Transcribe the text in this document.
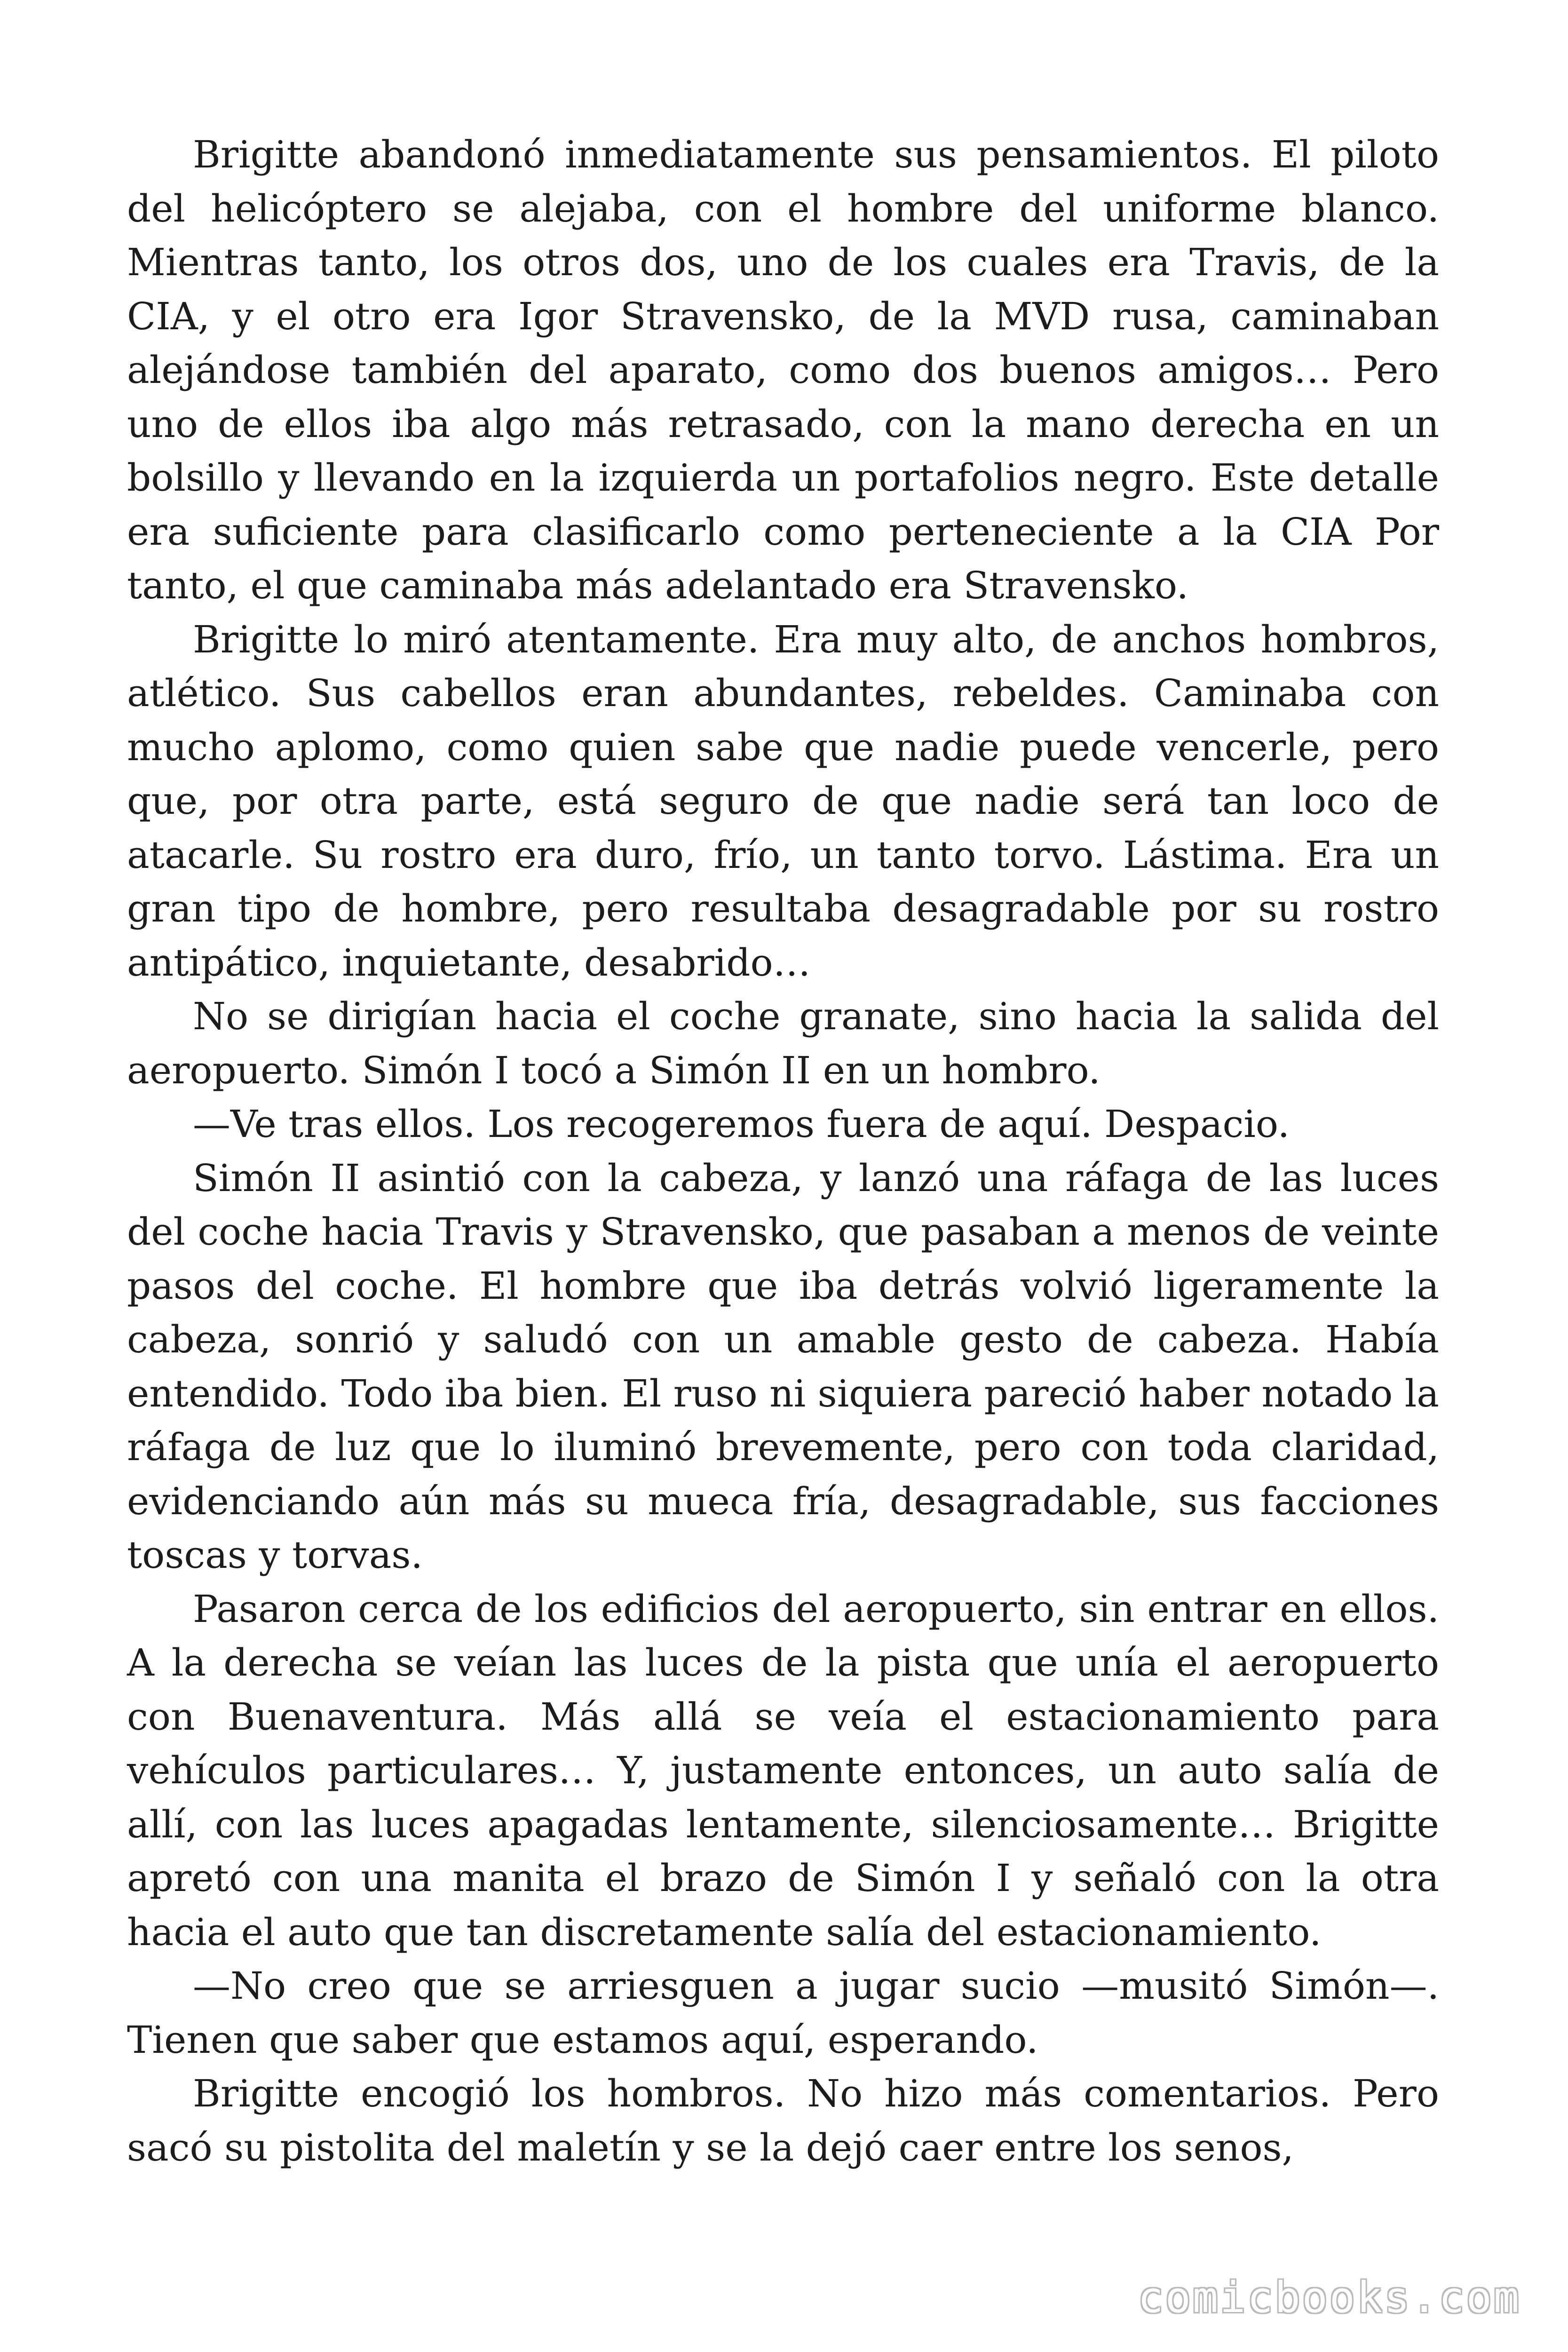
Brigitte abandonó inmediatamente sus pensamientos. El piloto del helicóptero se alejaba, con el hombre del uniforme blanco. Mientras tanto, los otros dos, uno de los cuales era Travis, de la CIA, y el otro era Igor Stravensko, de la MVD rusa, caminaban alejándose también del aparato, como dos buenos amigos… Pero uno de ellos iba algo más retrasado, con la mano derecha en un bolsillo y llevando en la izquierda un portafolios negro. Este detalle era suficiente para clasificarlo como perteneciente a la CIA Por tanto, el que caminaba más adelantado era Stravensko.

Brigitte lo miró atentamente. Era muy alto, de anchos hombros, atlético. Sus cabellos eran abundantes, rebeldes. Caminaba con mucho aplomo, como quien sabe que nadie puede vencerle, pero que, por otra parte, está seguro de que nadie será tan loco de atacarle. Su rostro era duro, frío, un tanto torvo. Lástima. Era un gran tipo de hombre, pero resultaba desagradable por su rostro antipático, inquietante, desabrido…

No se dirigían hacia el coche granate, sino hacia la salida del aeropuerto. Simón I tocó a Simón II en un hombro.

—Ve tras ellos. Los recogeremos fuera de aquí. Despacio.

Simón II asintió con la cabeza, y lanzó una ráfaga de las luces del coche hacia Travis y Stravensko, que pasaban a menos de veinte pasos del coche. El hombre que iba detrás volvió ligeramente la cabeza, sonrió y saludó con un amable gesto de cabeza. Había entendido. Todo iba bien. El ruso ni siquiera pareció haber notado la ráfaga de luz que lo iluminó brevemente, pero con toda claridad, evidenciando aún más su mueca fría, desagradable, sus facciones toscas y torvas.

Pasaron cerca de los edificios del aeropuerto, sin entrar en ellos. A la derecha se veían las luces de la pista que unía el aeropuerto con Buenaventura. Más allá se veía el estacionamiento para vehículos particulares… Y, justamente entonces, un auto salía de allí, con las luces apagadas lentamente, silenciosamente… Brigitte apretó con una manita el brazo de Simón I y señaló con la otra hacia el auto que tan discretamente salía del estacionamiento.

—No creo que se arriesguen a jugar sucio —musitó Simón—. Tienen que saber que estamos aquí, esperando.

Brigitte encogió los hombros. No hizo más comentarios. Pero sacó su pistolita del maletín y se la dejó caer entre los senos,

comicbooks.com
